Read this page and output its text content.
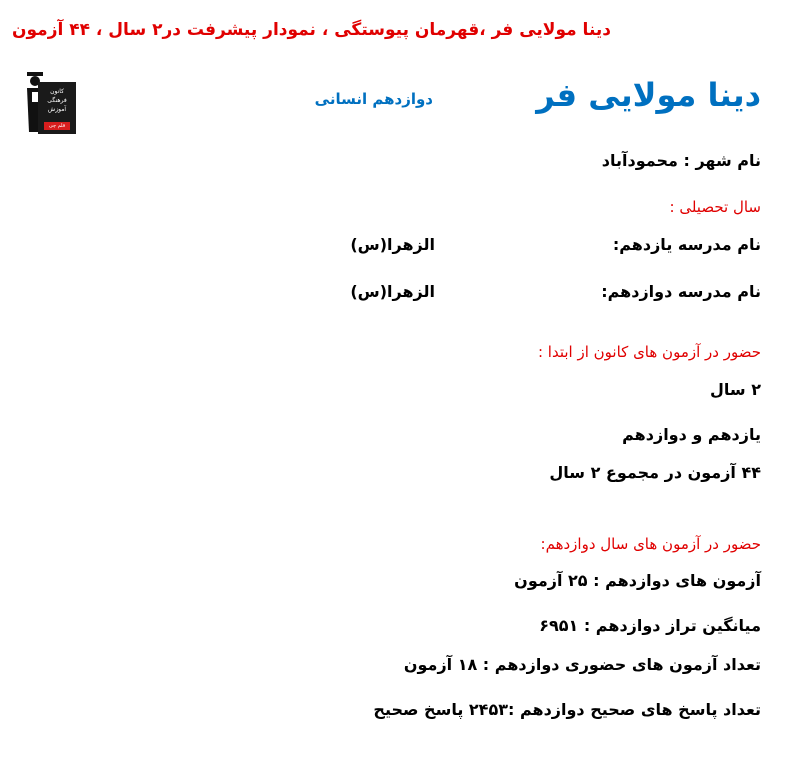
دینا مولایی فر ،قهرمان پیوستگی ، نمودار پیشرفت در۲ سال ، ۴۴ آزمون
کانون
فرهنگی
آموزش
قلم چی
دینا مولایی فر
دوازدهم انسانی
نام شهر : محمودآباد
سال تحصیلی :
نام مدرسه یازدهم:
الزهرا(س)
نام مدرسه دوازدهم:
الزهرا(س)
حضور در آزمون های کانون از ابتدا :
۲ سال
یازدهم و دوازدهم
۴۴ آزمون در مجموع ۲ سال
حضور در آزمون های سال دوازدهم:
آزمون های دوازدهم : ۲۵ آزمون
میانگین تراز دوازدهم : ۶۹۵۱
تعداد آزمون های حضوری دوازدهم : ۱۸ آزمون
تعداد پاسخ های صحیح دوازدهم :۲۴۵۳ پاسخ صحیح
